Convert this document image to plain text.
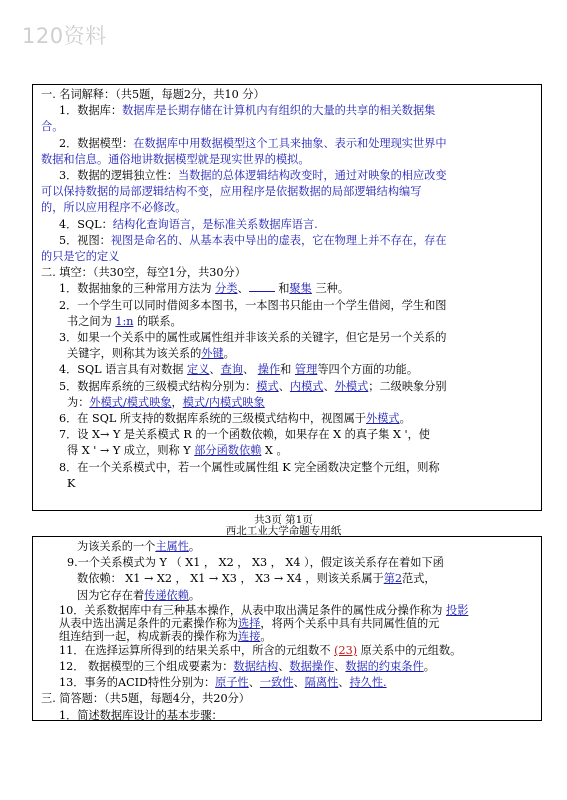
120资料
一. 名词解释：（共5题，每题2分，共10 分）
1．数据库：数据库是长期存储在计算机内有组织的大量的共享的相关数据集
合。
2．数据模型：在数据库中用数据模型这个工具来抽象、表示和处理现实世界中
数据和信息。通俗地讲数据模型就是现实世界的模拟。
3．数据的逻辑独立性：当数据的总体逻辑结构改变时，通过对映象的相应改变
可以保持数据的局部逻辑结构不变，应用程序是依据数据的局部逻辑结构编写
的，所以应用程序不必修改。
4．SQL：结构化查询语言，是标准关系数据库语言.
5．视图：视图是命名的、从基本表中导出的虚表，它在物理上并不存在，存在
的只是它的定义
二. 填空：（共30空，每空1分，共30分）
1．数据抽象的三种常用方法为 分类、	和聚集 三种。
2．一个学生可以同时借阅多本图书，一本图书只能由一个学生借阅，学生和图
书之间为 1:n 的联系。
3．如果一个关系中的属性或属性组并非该关系的关键字，但它是另一个关系的
关键字，则称其为该关系的外键。
4．SQL 语言具有对数据 定义、查询、 操作和 管理等四个方面的功能。
5．数据库系统的三级模式结构分别为：模式、内模式、外模式；二级映象分别
为：外模式/模式映象，模式/内模式映象
6．在 SQL 所支持的数据库系统的三级模式结构中，视图属于外模式。
7．设 X→ Y 是关系模式 R 的一个函数依赖，如果存在 X 的真子集 X '，使
得 X ' → Y 成立，则称 Y 部分函数依赖 X 。
8．在一个关系模式中，若一个属性或属性组 K 完全函数决定整个元组，则称
K
共3页 第1页
西北工业大学命题专用纸
为该关系的一个主属性。
9.一个关系模式为 Y （ X1 ， X2 ， X3 ， X4 ），假定该关系存在着如下函
数依赖： X1 → X2 ， X1 → X3 ， X3 → X4 ，则该关系属于第2范式，
因为它存在着传递依赖。
10．关系数据库中有三种基本操作，从表中取出满足条件的属性成分操作称为 投影
从表中选出满足条件的元素操作称为选择，将两个关系中具有共同属性值的元
组连结到一起，构成新表的操作称为连接。
11．在选择运算所得到的结果关系中，所含的元组数不 (23) 原关系中的元组数。
12． 数据模型的三个组成要素为：数据结构、数据操作、数据的约束条件。
13．事务的ACID特性分别为：原子性、一致性、隔离性、持久性.
三. 简答题：（共5题，每题4分，共20分）
1．简述数据库设计的基本步骤：
